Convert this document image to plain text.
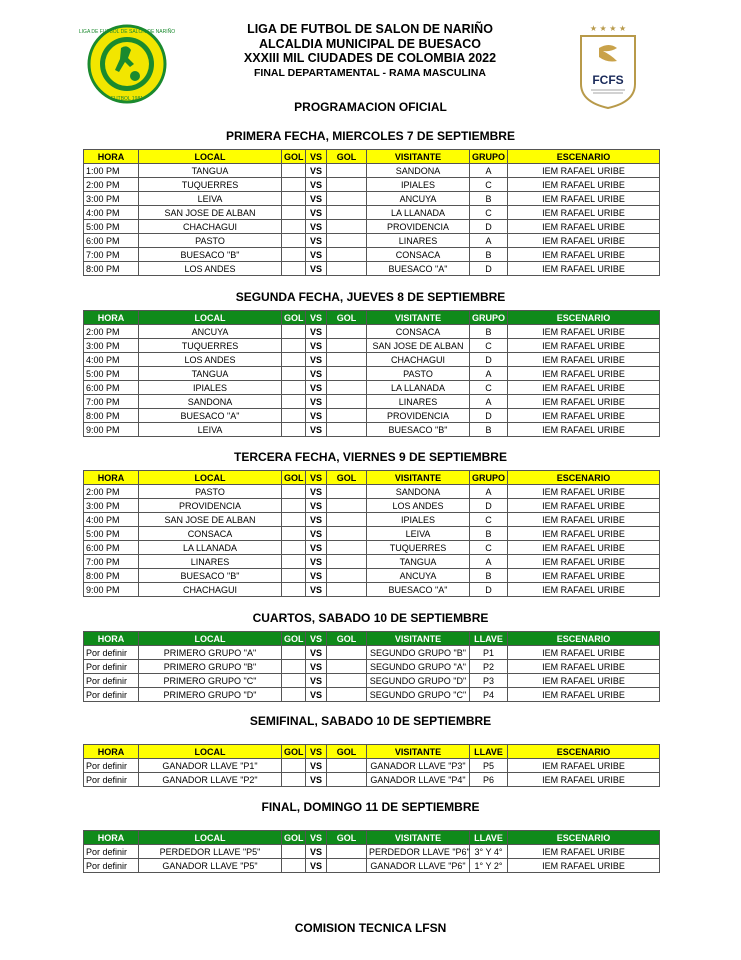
LIGA DE FUTBOL DE SALON DE NARIÑO
FUTBOL 1981
LIGA DE FUTBOL DE SALON DE NARIÑO
ALCALDIA MUNICIPAL DE BUESACO
XXXIII MIL CIUDADES DE COLOMBIA 2022
FINAL DEPARTAMENTAL - RAMA MASCULINA
★ ★ ★ ★
FCFS
PROGRAMACION OFICIAL
PRIMERA FECHA, MIERCOLES 7 DE SEPTIEMBRE
HORA	LOCAL	GOL	VS	GOL	VISITANTE	GRUPO	ESCENARIO
1:00 PM	TANGUA		VS		SANDONA	A	IEM RAFAEL URIBE
2:00 PM	TUQUERRES		VS		IPIALES	C	IEM RAFAEL URIBE
3:00 PM	LEIVA		VS		ANCUYA	B	IEM RAFAEL URIBE
4:00 PM	SAN JOSE DE ALBAN		VS		LA LLANADA	C	IEM RAFAEL URIBE
5:00 PM	CHACHAGUI		VS		PROVIDENCIA	D	IEM RAFAEL URIBE
6:00 PM	PASTO		VS		LINARES	A	IEM RAFAEL URIBE
7:00 PM	BUESACO "B"		VS		CONSACA	B	IEM RAFAEL URIBE
8:00 PM	LOS ANDES		VS		BUESACO "A"	D	IEM RAFAEL URIBE
SEGUNDA FECHA, JUEVES 8 DE SEPTIEMBRE
HORA	LOCAL	GOL	VS	GOL	VISITANTE	GRUPO	ESCENARIO
2:00 PM	ANCUYA		VS		CONSACA	B	IEM RAFAEL URIBE
3:00 PM	TUQUERRES		VS		SAN JOSE DE ALBAN	C	IEM RAFAEL URIBE
4:00 PM	LOS ANDES		VS		CHACHAGUI	D	IEM RAFAEL URIBE
5:00 PM	TANGUA		VS		PASTO	A	IEM RAFAEL URIBE
6:00 PM	IPIALES		VS		LA LLANADA	C	IEM RAFAEL URIBE
7:00 PM	SANDONA		VS		LINARES	A	IEM RAFAEL URIBE
8:00 PM	BUESACO "A"		VS		PROVIDENCIA	D	IEM RAFAEL URIBE
9:00 PM	LEIVA		VS		BUESACO "B"	B	IEM RAFAEL URIBE
TERCERA FECHA, VIERNES 9 DE SEPTIEMBRE
HORA	LOCAL	GOL	VS	GOL	VISITANTE	GRUPO	ESCENARIO
2:00 PM	PASTO		VS		SANDONA	A	IEM RAFAEL URIBE
3:00 PM	PROVIDENCIA		VS		LOS ANDES	D	IEM RAFAEL URIBE
4:00 PM	SAN JOSE DE ALBAN		VS		IPIALES	C	IEM RAFAEL URIBE
5:00 PM	CONSACA		VS		LEIVA	B	IEM RAFAEL URIBE
6:00 PM	LA LLANADA		VS		TUQUERRES	C	IEM RAFAEL URIBE
7:00 PM	LINARES		VS		TANGUA	A	IEM RAFAEL URIBE
8:00 PM	BUESACO "B"		VS		ANCUYA	B	IEM RAFAEL URIBE
9:00 PM	CHACHAGUI		VS		BUESACO "A"	D	IEM RAFAEL URIBE
CUARTOS, SABADO 10 DE SEPTIEMBRE
HORA	LOCAL	GOL	VS	GOL	VISITANTE	LLAVE	ESCENARIO
Por definir	PRIMERO GRUPO "A"		VS		SEGUNDO GRUPO "B"	P1	IEM RAFAEL URIBE
Por definir	PRIMERO GRUPO "B"		VS		SEGUNDO GRUPO "A"	P2	IEM RAFAEL URIBE
Por definir	PRIMERO GRUPO "C"		VS		SEGUNDO GRUPO "D"	P3	IEM RAFAEL URIBE
Por definir	PRIMERO GRUPO "D"		VS		SEGUNDO GRUPO "C"	P4	IEM RAFAEL URIBE
SEMIFINAL, SABADO 10 DE SEPTIEMBRE
HORA	LOCAL	GOL	VS	GOL	VISITANTE	LLAVE	ESCENARIO
Por definir	GANADOR LLAVE "P1"		VS		GANADOR LLAVE "P3"	P5	IEM RAFAEL URIBE
Por definir	GANADOR LLAVE "P2"		VS		GANADOR LLAVE "P4"	P6	IEM RAFAEL URIBE
FINAL, DOMINGO 11 DE SEPTIEMBRE
HORA	LOCAL	GOL	VS	GOL	VISITANTE	LLAVE	ESCENARIO
Por definir	PERDEDOR LLAVE "P5"		VS		PERDEDOR LLAVE "P6"	3° Y 4°	IEM RAFAEL URIBE
Por definir	GANADOR LLAVE "P5"		VS		GANADOR LLAVE "P6"	1° Y 2°	IEM RAFAEL URIBE
COMISION TECNICA LFSN
